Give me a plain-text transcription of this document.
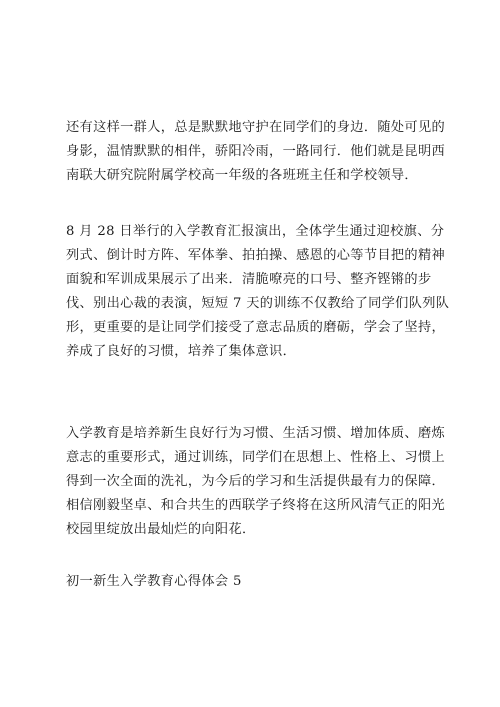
还有这样一群人，总是默默地守护在同学们的身边．随处可见的
身影，温情默默的相伴，骄阳冷雨，一路同行．他们就是昆明西
南联大研究院附属学校高一年级的各班班主任和学校领导．

8 月 28 日举行的入学教育汇报演出，全体学生通过迎校旗、分
列式、倒计时方阵、军体拳、拍拍操、感恩的心等节目把的精神
面貌和军训成果展示了出来．清脆嘹亮的口号、整齐铿锵的步
伐、别出心裁的表演，短短 7 天的训练不仅教给了同学们队列队
形，更重要的是让同学们接受了意志品质的磨砺，学会了坚持，
养成了良好的习惯，培养了集体意识．

入学教育是培养新生良好行为习惯、生活习惯、增加体质、磨炼
意志的重要形式，通过训练，同学们在思想上、性格上、习惯上
得到一次全面的洗礼，为今后的学习和生活提供最有力的保障．
相信刚毅坚卓、和合共生的西联学子终将在这所风清气正的阳光
校园里绽放出最灿烂的向阳花．

初一新生入学教育心得体会 5
